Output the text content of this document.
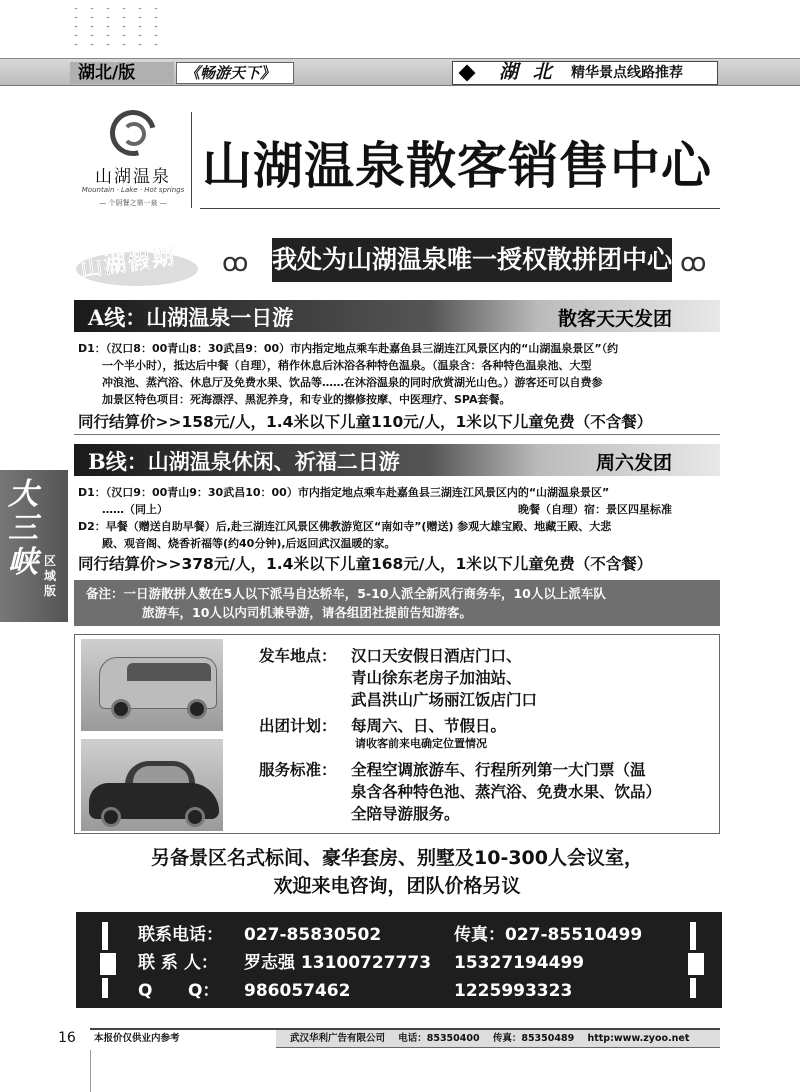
湖北/版	《畅游天下》	湖 北 精华景点线路推荐
山湖温泉
Mountain · Lake · Hot springs
— 个厨餐之第一泉 —
山湖温泉散客销售中心
山湖假期 ꝏ 我处为山湖温泉唯一授权散拼团中心 ꝏ
A线：山湖温泉一日游	散客天天发团

D1：（汉口8：00青山8：30武昌9：00）市内指定地点乘车赴嘉鱼县三湖连江风景区内的“山湖温泉景区”（约

一个半小时），抵达后中餐（自理），稍作休息后沐浴各种特色温泉。（温泉含：各种特色温泉池、大型

冲浪池、蒸汽浴、休息厅及免费水果、饮品等……在沐浴温泉的同时欣赏湖光山色。）游客还可以自费参

加景区特色项目：死海漂浮、黑泥养身，和专业的擦修按摩、中医理疗、SPA套餐。

同行结算价>>158元/人，1.4米以下儿童110元/人，1米以下儿童免费（不含餐）
B线：山湖温泉休闲、祈福二日游	周六发团

D1：（汉口9：00青山9：30武昌10：00）市内指定地点乘车赴嘉鱼县三湖连江风景区内的“山湖温泉景区”

……（同上）	晚餐（自理）宿：景区四星标准

D2：早餐（赠送自助早餐）后,赴三湖连江风景区佛教游览区“南如寺”(赠送) 参观大雄宝殿、地藏王殿、大悲

殿、观音阁、烧香祈福等(约40分钟),后返回武汉温暖的家。

同行结算价>>378元/人，1.4米以下儿童168元/人，1米以下儿童免费（不含餐）
大三峡 区域版	备注：一日游散拼人数在5人以下派马自达轿车，5-10人派全新风行商务车，10人以上派车队
旅游车，10人以内司机兼导游，请各组团社提前告知游客。
发车地点： 汉口天安假日酒店门口、
青山徐东老房子加油站、
武昌洪山广场丽江饭店门口
出团计划： 每周六、日、节假日。
请收客前来电确定位置情况
服务标准： 全程空调旅游车、行程所列第一大门票（温
泉含各种特色池、蒸汽浴、免费水果、饮品）
全陪导游服务。
另备景区名式标间、豪华套房、别墅及10-300人会议室，
欢迎来电咨询，团队价格另议
联系电话： 027-85830502	传真：027-85510499
联 系 人： 罗志强 13100727773 15327194499
Q      Q： 986057462	1225993323
16	本报价仅供业内参考	武汉华利广告有限公司    电话：85350400    传真：85350489    http:www.zyoo.net
